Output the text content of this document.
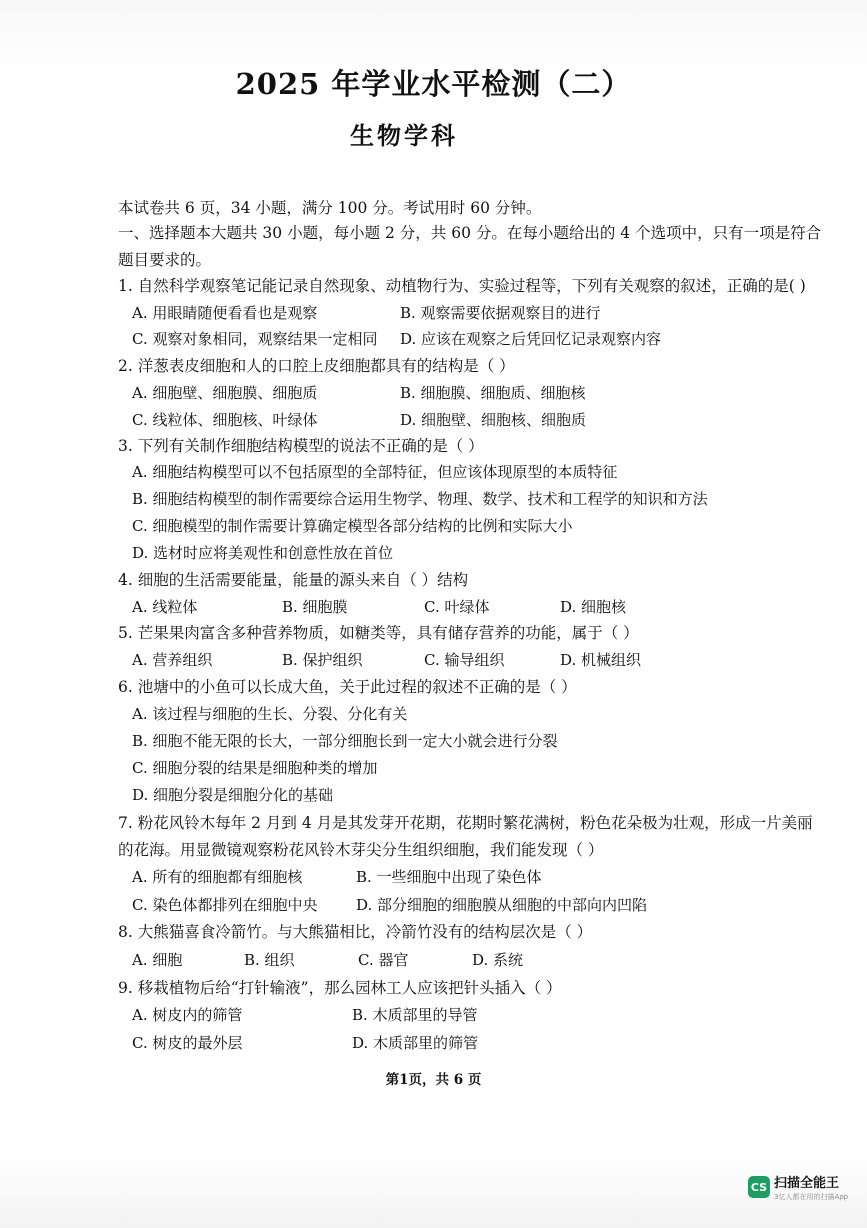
2025 年学业水平检测（二）
生物学科
本试卷共 6 页，34 小题，满分 100 分。考试用时 60 分钟。
一、选择题本大题共 30 小题，每小题 2 分，共 60 分。在每小题给出的 4 个选项中，只有一项是符合
题目要求的。
1. 自然科学观察笔记能记录自然现象、动植物行为、实验过程等，下列有关观察的叙述，正确的是( )
A. 用眼睛随便看看也是观察	B. 观察需要依据观察目的进行
C. 观察对象相同，观察结果一定相同 D. 应该在观察之后凭回忆记录观察内容
2. 洋葱表皮细胞和人的口腔上皮细胞都具有的结构是（ ）
A. 细胞壁、细胞膜、细胞质	B. 细胞膜、细胞质、细胞核
C. 线粒体、细胞核、叶绿体	D. 细胞壁、细胞核、细胞质
3. 下列有关制作细胞结构模型的说法不正确的是（ ）
A. 细胞结构模型可以不包括原型的全部特征，但应该体现原型的本质特征
B. 细胞结构模型的制作需要综合运用生物学、物理、数学、技术和工程学的知识和方法
C. 细胞模型的制作需要计算确定模型各部分结构的比例和实际大小
D. 选材时应将美观性和创意性放在首位
4. 细胞的生活需要能量，能量的源头来自（ ）结构
A. 线粒体	B. 细胞膜	C. 叶绿体	D. 细胞核
5. 芒果果肉富含多种营养物质，如糖类等，具有储存营养的功能，属于（ ）
A. 营养组织	B. 保护组织	C. 输导组织	D. 机械组织
6. 池塘中的小鱼可以长成大鱼，关于此过程的叙述不正确的是（ ）
A. 该过程与细胞的生长、分裂、分化有关
B. 细胞不能无限的长大，一部分细胞长到一定大小就会进行分裂
C. 细胞分裂的结果是细胞种类的增加
D. 细胞分裂是细胞分化的基础
7. 粉花风铃木每年 2 月到 4 月是其发芽开花期，花期时繁花满树，粉色花朵极为壮观，形成一片美丽
的花海。用显微镜观察粉花风铃木芽尖分生组织细胞，我们能发现（ ）
A. 所有的细胞都有细胞核	B. 一些细胞中出现了染色体
C. 染色体都排列在细胞中央	D. 部分细胞的细胞膜从细胞的中部向内凹陷
8. 大熊猫喜食冷箭竹。与大熊猫相比，冷箭竹没有的结构层次是（ ）
A. 细胞	B. 组织	C. 器官	D. 系统
9. 移栽植物后给“打针输液”，那么园林工人应该把针头插入（ ）
A. 树皮内的筛管	B. 木质部里的导管
C. 树皮的最外层	D. 木质部里的筛管
第1页，共 6 页
CS 扫描全能王
3亿人都在用的扫描App
